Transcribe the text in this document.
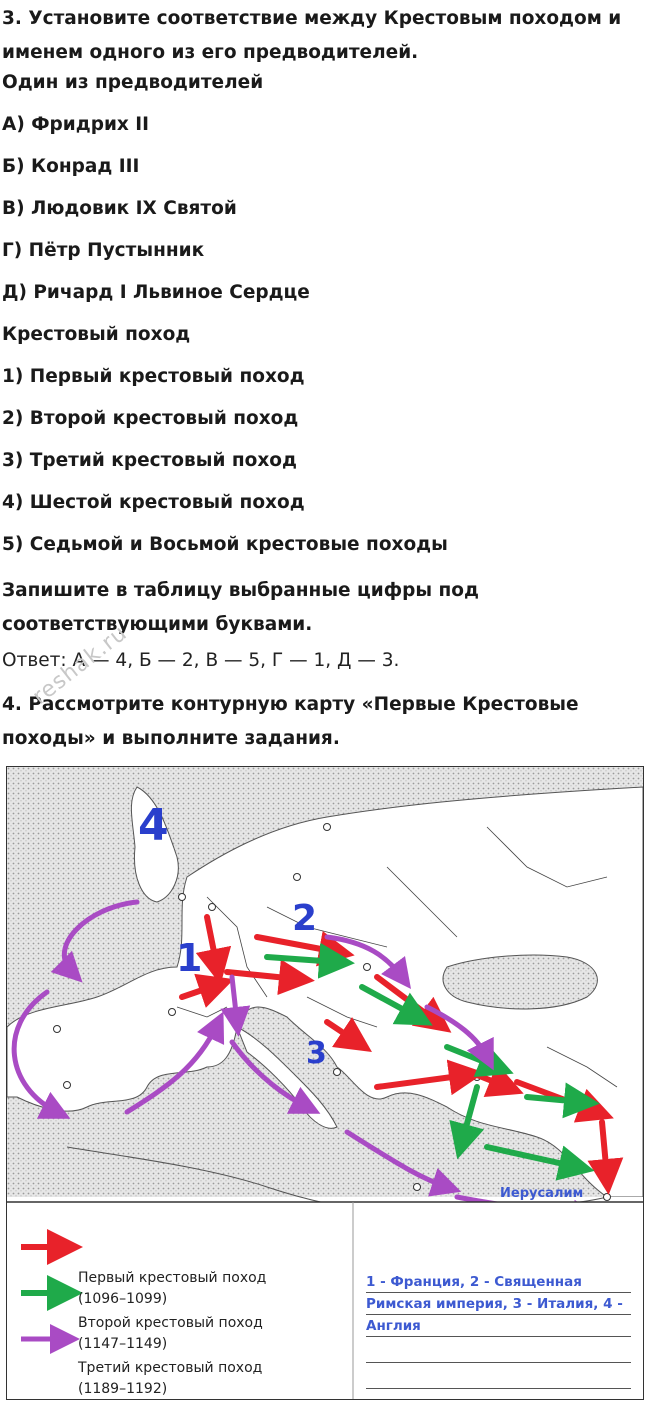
3. Установите соответствие между Крестовым походом и именем одного из его предводителей.

Один из предводителей

А) Фридрих II

Б) Конрад III

В) Людовик IX Святой

Г) Пётр Пустынник

Д) Ричард I Львиное Сердце

Крестовый поход

1) Первый крестовый поход

2) Второй крестовый поход

3) Третий крестовый поход

4) Шестой крестовый поход

5) Седьмой и Восьмой крестовые походы

Запишите в таблицу выбранные цифры под соответствующими буквами.

Ответ: А — 4, Б — 2, В — 5, Г — 1, Д — 3.

4. Рассмотрите контурную карту «Первые Крестовые походы» и выполните задания.

reshak.ru
1
2
3
4
Иерусалим
Первый крестовый поход
(1096–1099)
Второй крестовый поход
(1147–1149)
Третий крестовый поход
(1189–1192)
1 - Франция, 2 - Священная
Римская империя, 3 - Италия, 4 -
Англия
